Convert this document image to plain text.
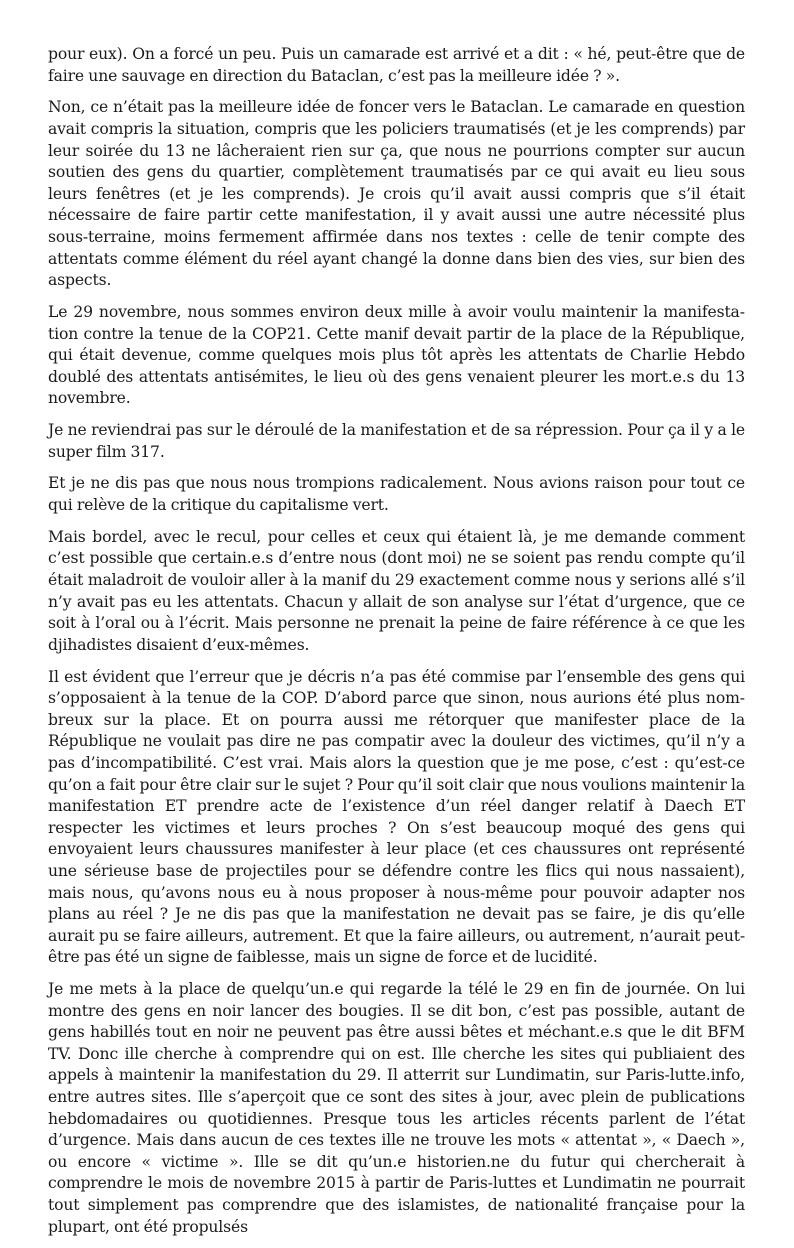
pour eux). On a forcé un peu. Puis un camarade est arrivé et a dit : « hé, peut-être que de faire une sauvage en direction du Bataclan, c’est pas la meilleure idée ? ».

Non, ce n’était pas la meilleure idée de foncer vers le Bataclan. Le camarade en question avait compris la situation, compris que les policiers traumatisés (et je les comprends) par leur soirée du 13 ne lâcheraient rien sur ça, que nous ne pourrions compter sur aucun soutien des gens du quartier, complètement traumatisés par ce qui avait eu lieu sous leurs fenêtres (et je les comprends). Je crois qu’il avait aussi compris que s’il était nécessaire de faire partir cette manifestation, il y avait aussi une autre nécessité plus sous-terraine, moins fermement affirmée dans nos textes : celle de tenir compte des attentats comme élément du réel ayant changé la donne dans bien des vies, sur bien des aspects.

Le 29 novembre, nous sommes environ deux mille à avoir voulu maintenir la manifestation contre la tenue de la COP21. Cette manif devait partir de la place de la République, qui était devenue, comme quelques mois plus tôt après les attentats de Charlie Hebdo doublé des attentats antisémites, le lieu où des gens venaient pleurer les mort.e.s du 13 novembre.

Je ne reviendrai pas sur le déroulé de la manifestation et de sa répression. Pour ça il y a le super film 317.

Et je ne dis pas que nous nous trompions radicalement. Nous avions raison pour tout ce qui relève de la critique du capitalisme vert.

Mais bordel, avec le recul, pour celles et ceux qui étaient là, je me demande comment c’est possible que certain.e.s d’entre nous (dont moi) ne se soient pas rendu compte qu’il était maladroit de vouloir aller à la manif du 29 exactement comme nous y serions allé s’il n’y avait pas eu les attentats. Chacun y allait de son analyse sur l’état d’urgence, que ce soit à l’oral ou à l’écrit. Mais personne ne prenait la peine de faire référence à ce que les djihadistes disaient d’eux-mêmes.

Il est évident que l’erreur que je décris n’a pas été commise par l’ensemble des gens qui s’opposaient à la tenue de la COP. D’abord parce que sinon, nous aurions été plus nombreux sur la place. Et on pourra aussi me rétorquer que manifester place de la République ne voulait pas dire ne pas compatir avec la douleur des victimes, qu’il n’y a pas d’incompatibilité. C’est vrai. Mais alors la question que je me pose, c’est : qu’est-ce qu’on a fait pour être clair sur le sujet ? Pour qu’il soit clair que nous voulions maintenir la manifestation ET prendre acte de l’existence d’un réel danger relatif à Daech ET respecter les victimes et leurs proches ? On s’est beaucoup moqué des gens qui envoyaient leurs chaussures manifester à leur place (et ces chaussures ont représenté une sérieuse base de projectiles pour se défendre contre les flics qui nous nassaient), mais nous, qu’avons nous eu à nous proposer à nous-même pour pouvoir adapter nos plans au réel ? Je ne dis pas que la manifestation ne devait pas se faire, je dis qu’elle aurait pu se faire ailleurs, autrement. Et que la faire ailleurs, ou autrement, n’aurait peut-être pas été un signe de faiblesse, mais un signe de force et de lucidité.

Je me mets à la place de quelqu’un.e qui regarde la télé le 29 en fin de journée. On lui montre des gens en noir lancer des bougies. Il se dit bon, c’est pas possible, autant de gens habillés tout en noir ne peuvent pas être aussi bêtes et méchant.e.s que le dit BFM TV. Donc ille cherche à comprendre qui on est. Ille cherche les sites qui publiaient des appels à maintenir la manifestation du 29. Il atterrit sur Lundimatin, sur Paris-lutte.info, entre autres sites. Ille s’aperçoit que ce sont des sites à jour, avec plein de publications hebdomadaires ou quotidiennes. Presque tous les articles récents parlent de l’état d’urgence. Mais dans aucun de ces textes ille ne trouve les mots « attentat », « Daech », ou encore « victime ». Ille se dit qu’un.e historien.ne du futur qui chercherait à comprendre le mois de novembre 2015 à partir de Paris-luttes et Lundimatin ne pourrait tout simplement pas comprendre que des islamistes, de nationalité française pour la plupart, ont été propulsés
